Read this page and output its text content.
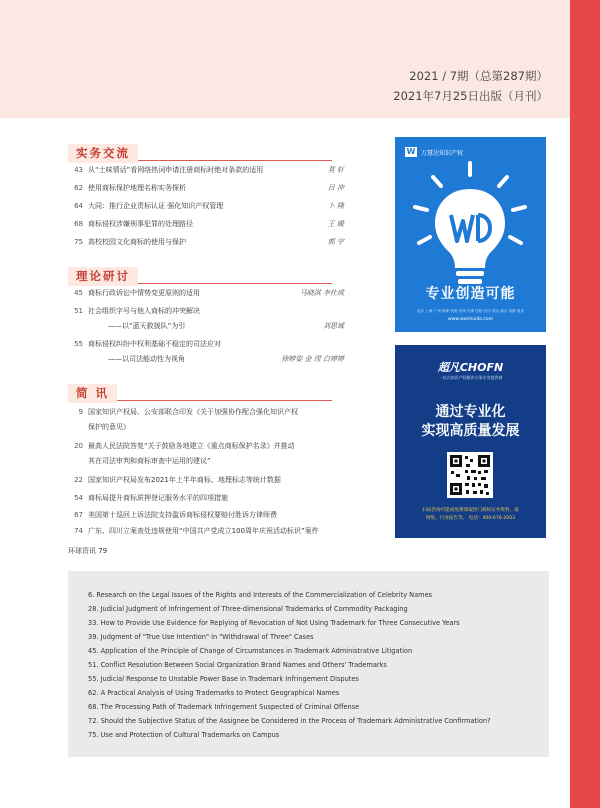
2021 / 7期（总第287期）
2021年7月25日出版（月刊）
实务交流
43 从“土味情话”看网络热词申请注册商标时绝对条款的适用	莫 轩
62 使用商标保护地理名称实务探析	吕 冲
64 大同：推行企业责标认证 强化知识产权管理	卜 隆
68 商标侵权涉嫌刑事犯罪的处理路径	王 暖
75 高校校园文化商标的使用与保护	郭 宇
理论研讨
45 商标行政诉讼中情势变更原则的适用	马晓淇 李仕成
51 社会组织字号与他人商标的冲突解决
——以“蓝天救援队”为引	刘思诚
55 商标侵权纠纷中权利基础不稳定的司法应对
——以司法能动性为视角	徐婷姿 金 滢 白婷婷
简 讯
9 国家知识产权局、公安部联合印发《关于加强协作配合强化知识产权
保护的意见》
20 最高人民法院答复“关于鼓励各地建立《重点商标保护名录》并推动
其在司法审判和商标审查中运用的建议”
22 国家知识产权局发布2021年上半年商标、地理标志等统计数据
54 商标局提升商标质押登记服务水平的四项措施
67 美国第十巡回上诉法院支持滥诉商标侵权要赔付胜诉方律师费
74 广东、四川立案查处违规使用“中国共产党成立100周年庆祝活动标识”案件
环球资讯 79
6. Research on the Legal Issues of the Rights and Interests of the Commercialization of Celebrity Names
28. Judicial Judgment of Infringement of Three-dimensional Trademarks of Commodity Packaging
33. How to Provide Use Evidence for Replying of Revocation of Not Using Trademark for Three Consecutive Years
39. Judgment of "True Use Intention" in "Withdrawal of Three" Cases
45. Application of the Principle of Change of Circumstances in Trademark Administrative Litigation
51. Conflict Resolution Between Social Organization Brand Names and Others' Trademarks
55. Judicial Response to Unstable Power Base in Trademark Infringement Disputes
62. A Practical Analysis of Using Trademarks to Protect Geographical Names
68. The Processing Path of Trademark Infringement Suspected of Criminal Offense
72. Should the Subjective Status of the Assignee be Considered in the Process of Trademark Administrative Confirmation?
75. Use and Protection of Cultural Trademarks on Campus
W 万慧达知识产权
专业创造可能
北京 上海 广州 深圳 杭州 苏州 天津 沈阳 长沙 武汉 南京 成都 重庆
www.wanhuida.com
超凡CHOFN
一站式知识产权解决方案专业提供商
通过专业化
实现高质量发展
扫码咨询可能或免费领取热门商标实务资料，案
例集、行业报告等。 电话：400-676-2003
